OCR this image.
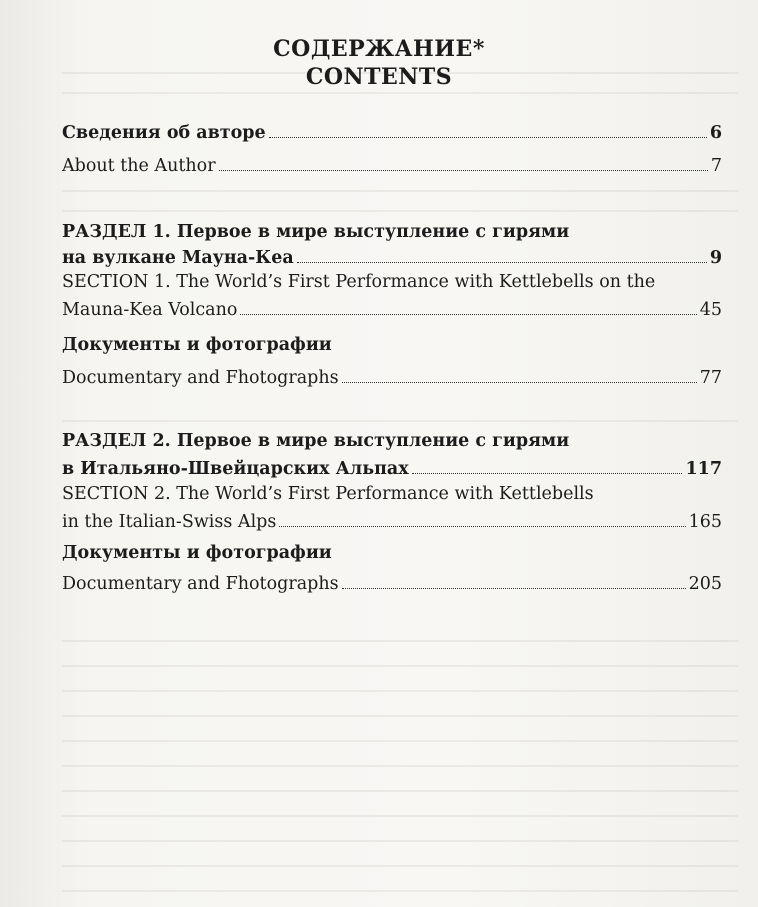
СОДЕРЖАНИЕ*
CONTENTS
Сведения об авторе	6
About the Author	7
РАЗДЕЛ 1. Первое в мире выступление с гирями
на вулкане Мауна-Кеа	9
SECTION 1. The World’s First Performance with Kettlebells on the
Mauna-Kea Volcano	45
Документы и фотографии
Documentary and Fhotographs	77
РАЗДЕЛ 2. Первое в мире выступление с гирями
в Итальяно-Швейцарских Альпах	117
SECTION 2. The World’s First Performance with Kettlebells
in the Italian-Swiss Alps	165
Документы и фотографии
Documentary and Fhotographs	205
